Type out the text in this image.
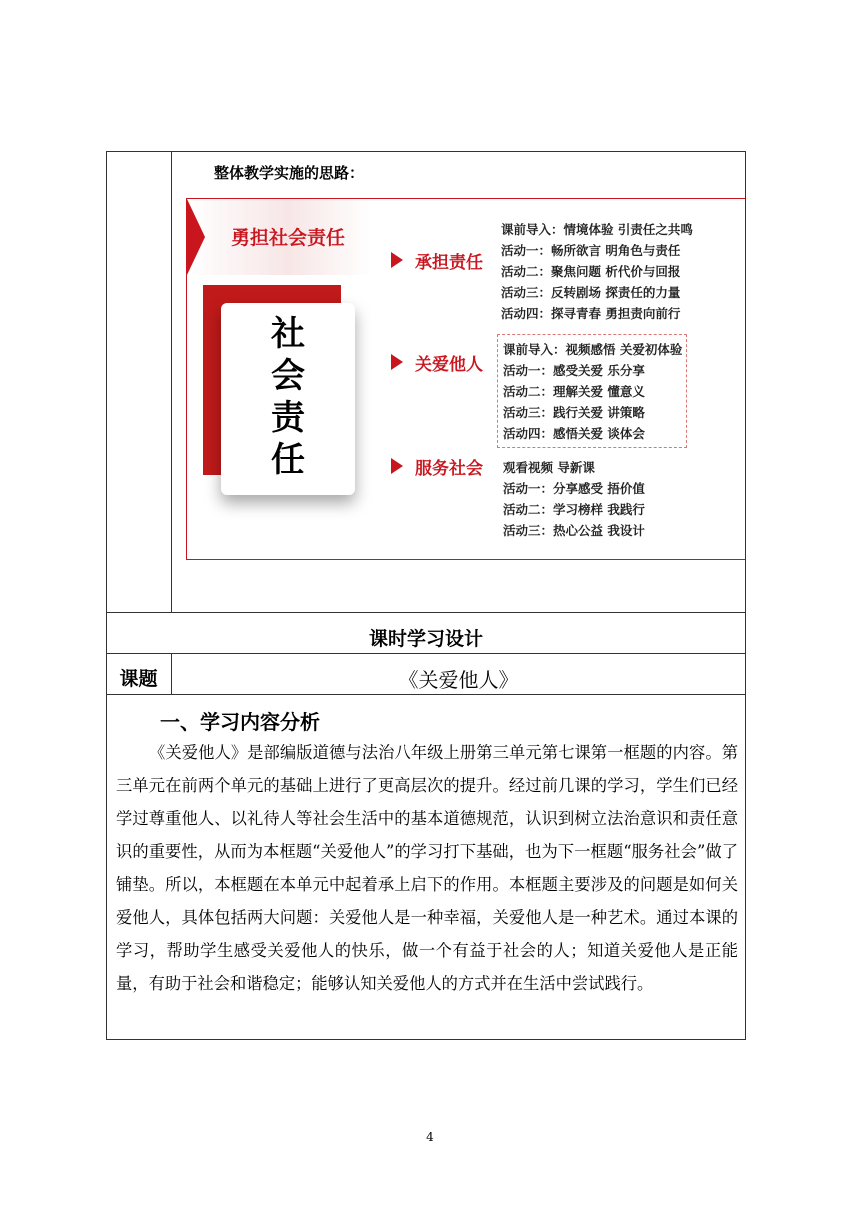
整体教学实施的思路：
勇担社会责任
社
会
责
任
承担责任
课前导入：情境体验 引责任之共鸣
活动一：畅所欲言 明角色与责任
活动二：聚焦问题 析代价与回报
活动三：反转剧场 探责任的力量
活动四：探寻青春 勇担责向前行
关爱他人
课前导入：视频感悟 关爱初体验
活动一：感受关爱 乐分享
活动二：理解关爱 懂意义
活动三：践行关爱 讲策略
活动四：感悟关爱 谈体会
服务社会 观看视频 导新课
活动一：分享感受 捂价值
活动二：学习榜样 我践行
活动三：热心公益 我设计
课时学习设计
课题	《关爱他人》
一、学习内容分析
《关爱他人》是部编版道德与法治八年级上册第三单元第七课第一框题的内容。第三单元在前两个单元的基础上进行了更高层次的提升。经过前几课的学习，学生们已经学过尊重他人、以礼待人等社会生活中的基本道德规范，认识到树立法治意识和责任意识的重要性，从而为本框题“关爱他人”的学习打下基础，也为下一框题“服务社会”做了铺垫。所以，本框题在本单元中起着承上启下的作用。本框题主要涉及的问题是如何关爱他人，具体包括两大问题：关爱他人是一种幸福，关爱他人是一种艺术。通过本课的学习，帮助学生感受关爱他人的快乐，做一个有益于社会的人；知道关爱他人是正能量，有助于社会和谐稳定；能够认知关爱他人的方式并在生活中尝试践行。
4
